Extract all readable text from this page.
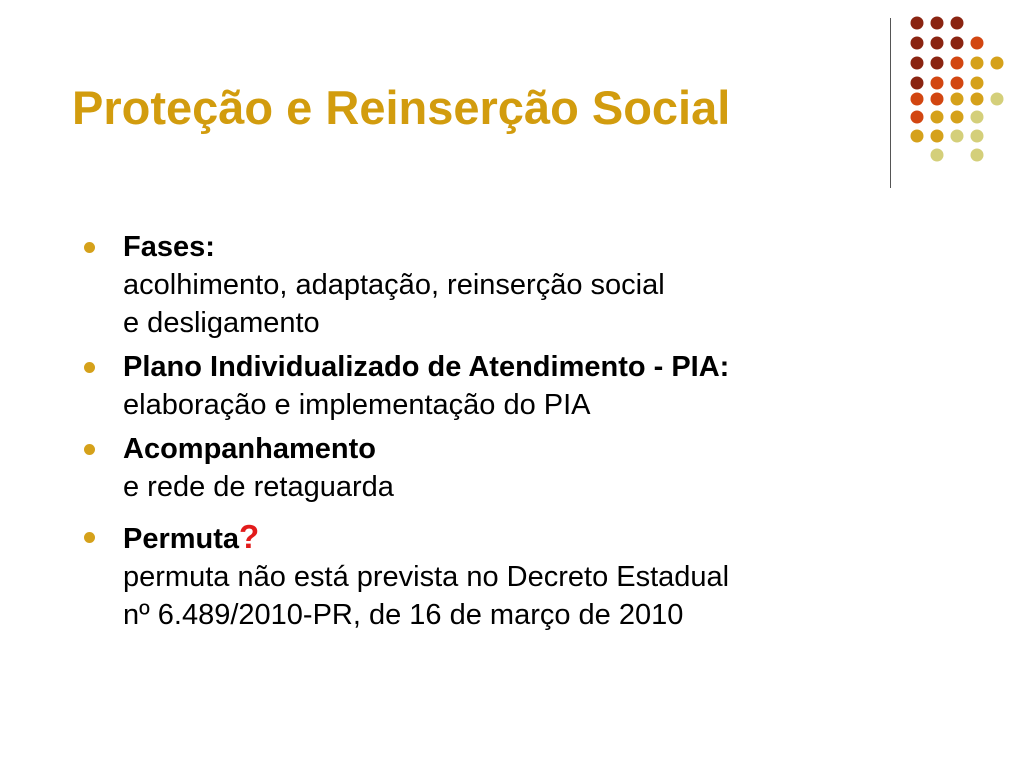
Proteção e Reinserção Social
Fases:
acolhimento, adaptação, reinserção social
e desligamento
Plano Individualizado de Atendimento - PIA:
elaboração e implementação do PIA
Acompanhamento
e rede de retaguarda
Permuta?
permuta não está prevista no Decreto Estadual
nº 6.489/2010-PR, de 16 de março de 2010
